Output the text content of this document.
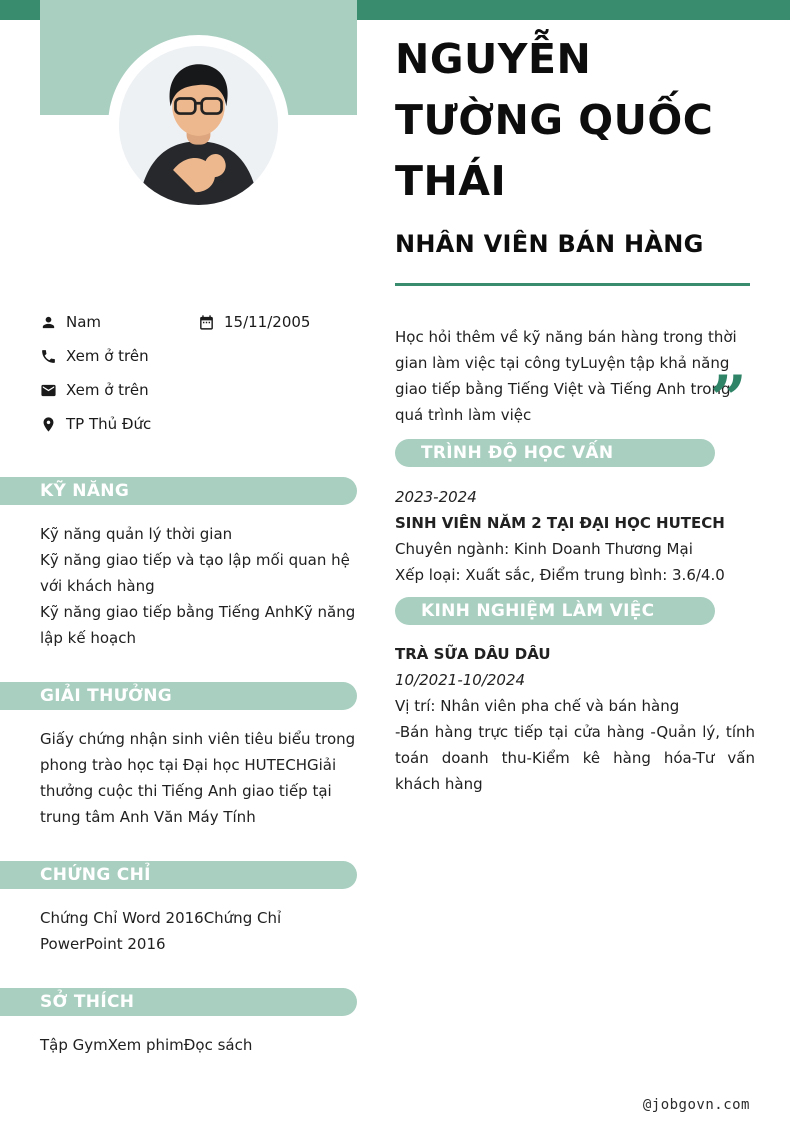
Nam	15/11/2005
Xem ở trên
Xem ở trên
TP Thủ Đức
KỸ NĂNG
Kỹ năng quản lý thời gian
Kỹ năng giao tiếp và tạo lập mối quan hệ với khách hàng
Kỹ năng giao tiếp bằng Tiếng AnhKỹ năng lập kế hoạch
GIẢI THƯỞNG
Giấy chứng nhận sinh viên tiêu biểu trong phong trào học tại Đại học HUTECHGiải thưởng cuộc thi Tiếng Anh giao tiếp tại trung tâm Anh Văn Máy Tính
CHỨNG CHỈ
Chứng Chỉ Word 2016Chứng Chỉ PowerPoint 2016
SỞ THÍCH
Tập GymXem phimĐọc sách
NGUYỄN
TƯỜNG QUỐC
THÁI
NHÂN VIÊN BÁN HÀNG
Học hỏi thêm về kỹ năng bán hàng trong thời gian làm việc tại công tyLuyện tập khả năng giao tiếp bằng Tiếng Việt và Tiếng Anh trong quá trình làm việc	”
TRÌNH ĐỘ HỌC VẤN
2023-2024
SINH VIÊN NĂM 2 TẠI ĐẠI HỌC HUTECH
Chuyên ngành: Kinh Doanh Thương Mại
Xếp loại: Xuất sắc, Điểm trung bình: 3.6/4.0
KINH NGHIỆM LÀM VIỆC
TRÀ SỮA DÂU DÂU
10/2021-10/2024
Vị trí: Nhân viên pha chế và bán hàng
-Bán hàng trực tiếp tại cửa hàng -Quản lý, tính toán doanh thu-Kiểm kê hàng hóa-Tư vấn khách hàng
@jobgovn.com
